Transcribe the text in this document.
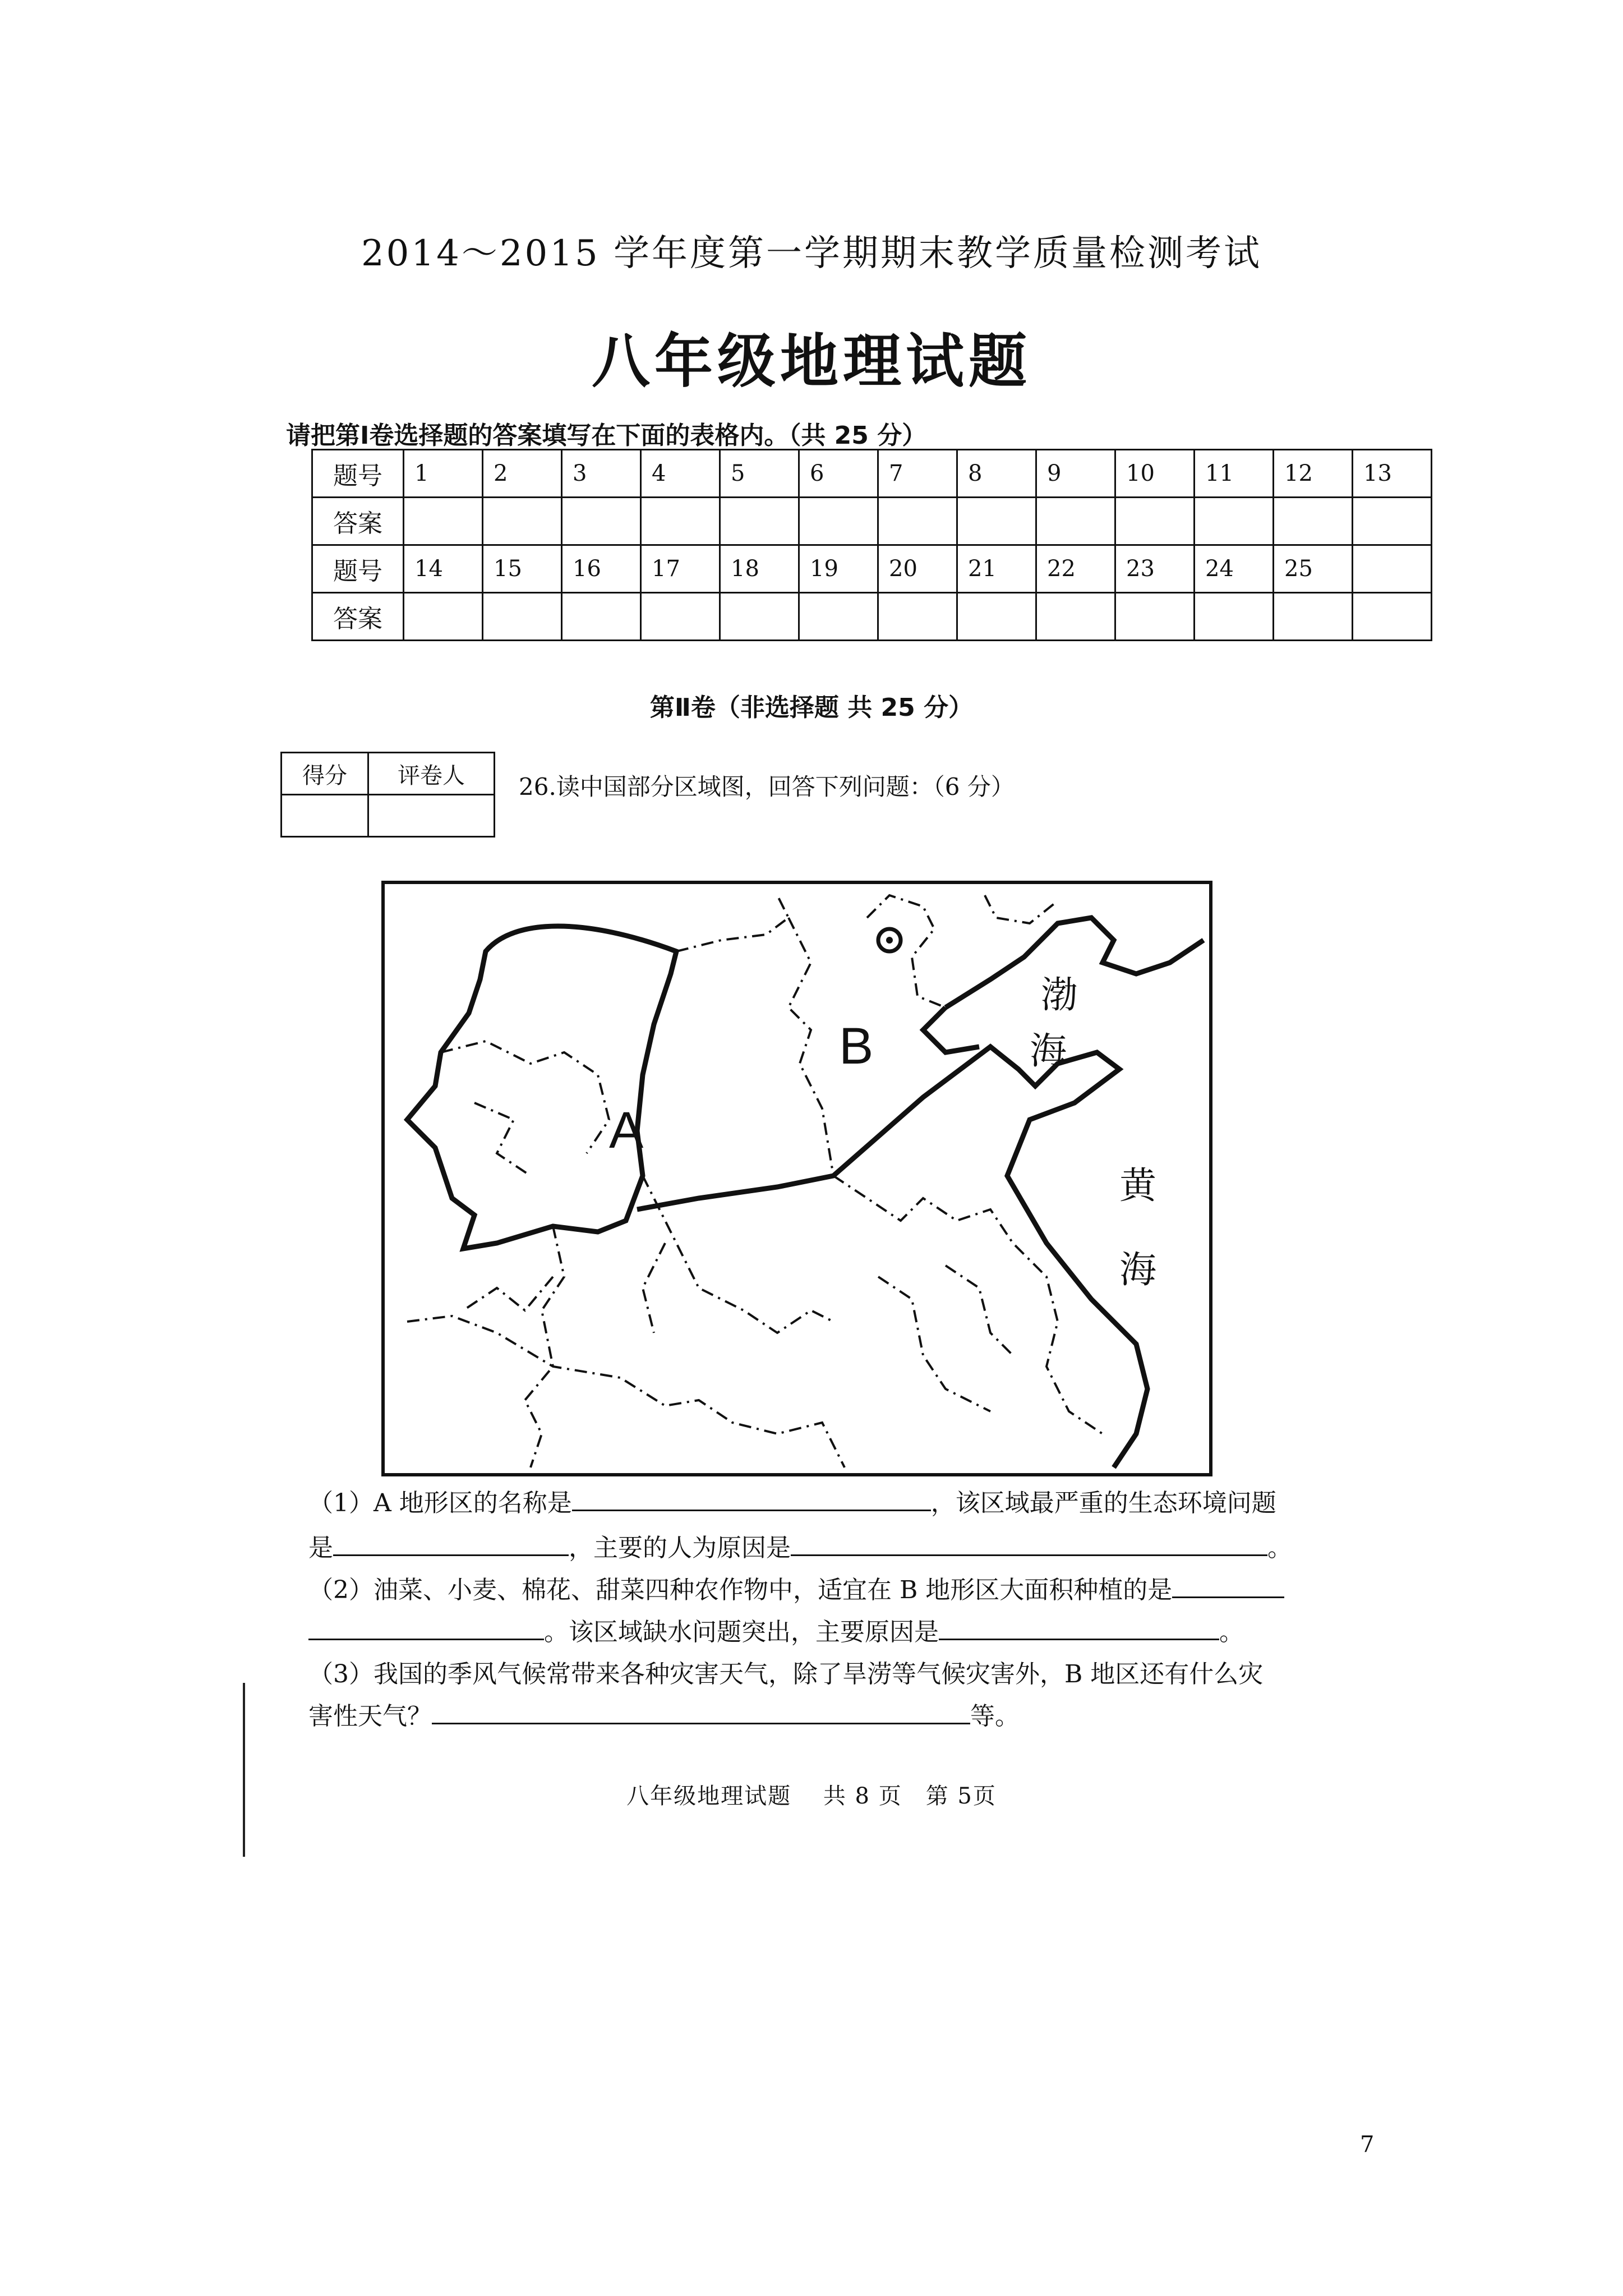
2014～2015 学年度第一学期期末教学质量检测考试
八年级地理试题
请把第Ⅰ卷选择题的答案填写在下面的表格内。（共 25 分）
题号	1	2	3	4	5	6	7	8	9	10	11	12	13
答案													
题号	14	15	16	17	18	19	20	21	22	23	24	25	
答案													
第Ⅱ卷（非选择题 共 25 分）
得分	评卷人
	26.读中国部分区域图，回答下列问题：（6 分）
A
B
渤
海
黄
海
（1）A 地形区的名称是	，该区域最严重的生态环境问题
是	，主要的人为原因是	。
（2）油菜、小麦、棉花、甜菜四种农作物中，适宜在 B 地形区大面积种植的是
。该区域缺水问题突出，主要原因是	。
（3）我国的季风气候常带来各种灾害天气，除了旱涝等气候灾害外，B 地区还有什么灾
害性天气？	等。
八年级地理试题　 共 8 页　第 5页
7
